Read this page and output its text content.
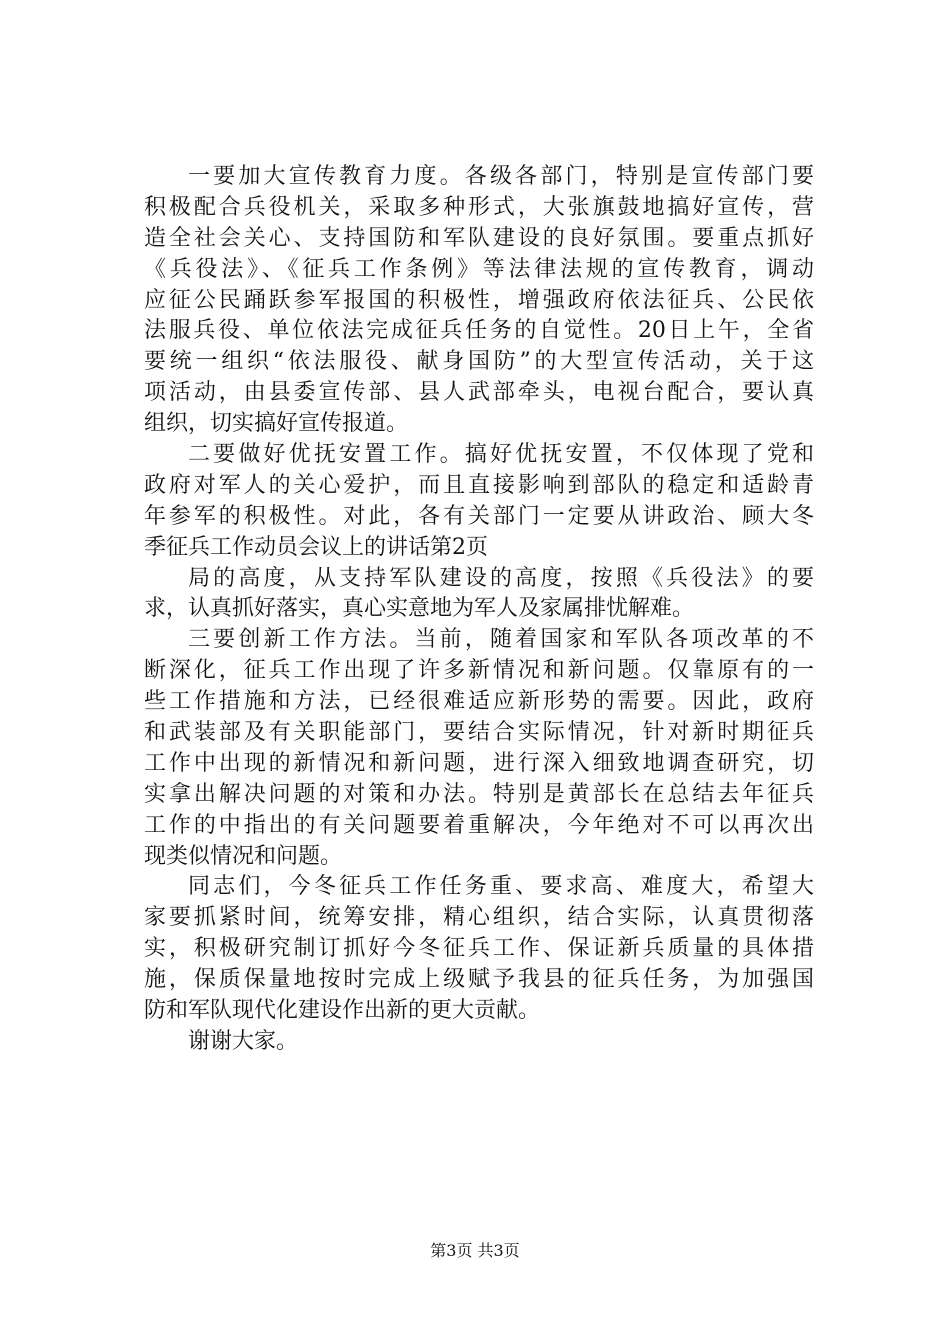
一要加大宣传教育力度。各级各部门，特别是宣传部门要
积极配合兵役机关，采取多种形式，大张旗鼓地搞好宣传，营
造全社会关心、支持国防和军队建设的良好氛围。要重点抓好
《兵役法》、《征兵工作条例》等法律法规的宣传教育，调动
应征公民踊跃参军报国的积极性，增强政府依法征兵、公民依
法服兵役、单位依法完成征兵任务的自觉性。20日上午，全省
要统一组织“依法服役、献身国防”的大型宣传活动，关于这
项活动，由县委宣传部、县人武部牵头，电视台配合，要认真
组织，切实搞好宣传报道。
二要做好优抚安置工作。搞好优抚安置，不仅体现了党和
政府对军人的关心爱护，而且直接影响到部队的稳定和适龄青
年参军的积极性。对此，各有关部门一定要从讲政治、顾大冬
季征兵工作动员会议上的讲话第2页
局的高度，从支持军队建设的高度，按照《兵役法》的要
求，认真抓好落实，真心实意地为军人及家属排忧解难。
三要创新工作方法。当前，随着国家和军队各项改革的不
断深化，征兵工作出现了许多新情况和新问题。仅靠原有的一
些工作措施和方法，已经很难适应新形势的需要。因此，政府
和武装部及有关职能部门，要结合实际情况，针对新时期征兵
工作中出现的新情况和新问题，进行深入细致地调查研究，切
实拿出解决问题的对策和办法。特别是黄部长在总结去年征兵
工作的中指出的有关问题要着重解决，今年绝对不可以再次出
现类似情况和问题。
同志们，今冬征兵工作任务重、要求高、难度大，希望大
家要抓紧时间，统筹安排，精心组织，结合实际，认真贯彻落
实，积极研究制订抓好今冬征兵工作、保证新兵质量的具体措
施，保质保量地按时完成上级赋予我县的征兵任务，为加强国
防和军队现代化建设作出新的更大贡献。
谢谢大家。
第3页 共3页
